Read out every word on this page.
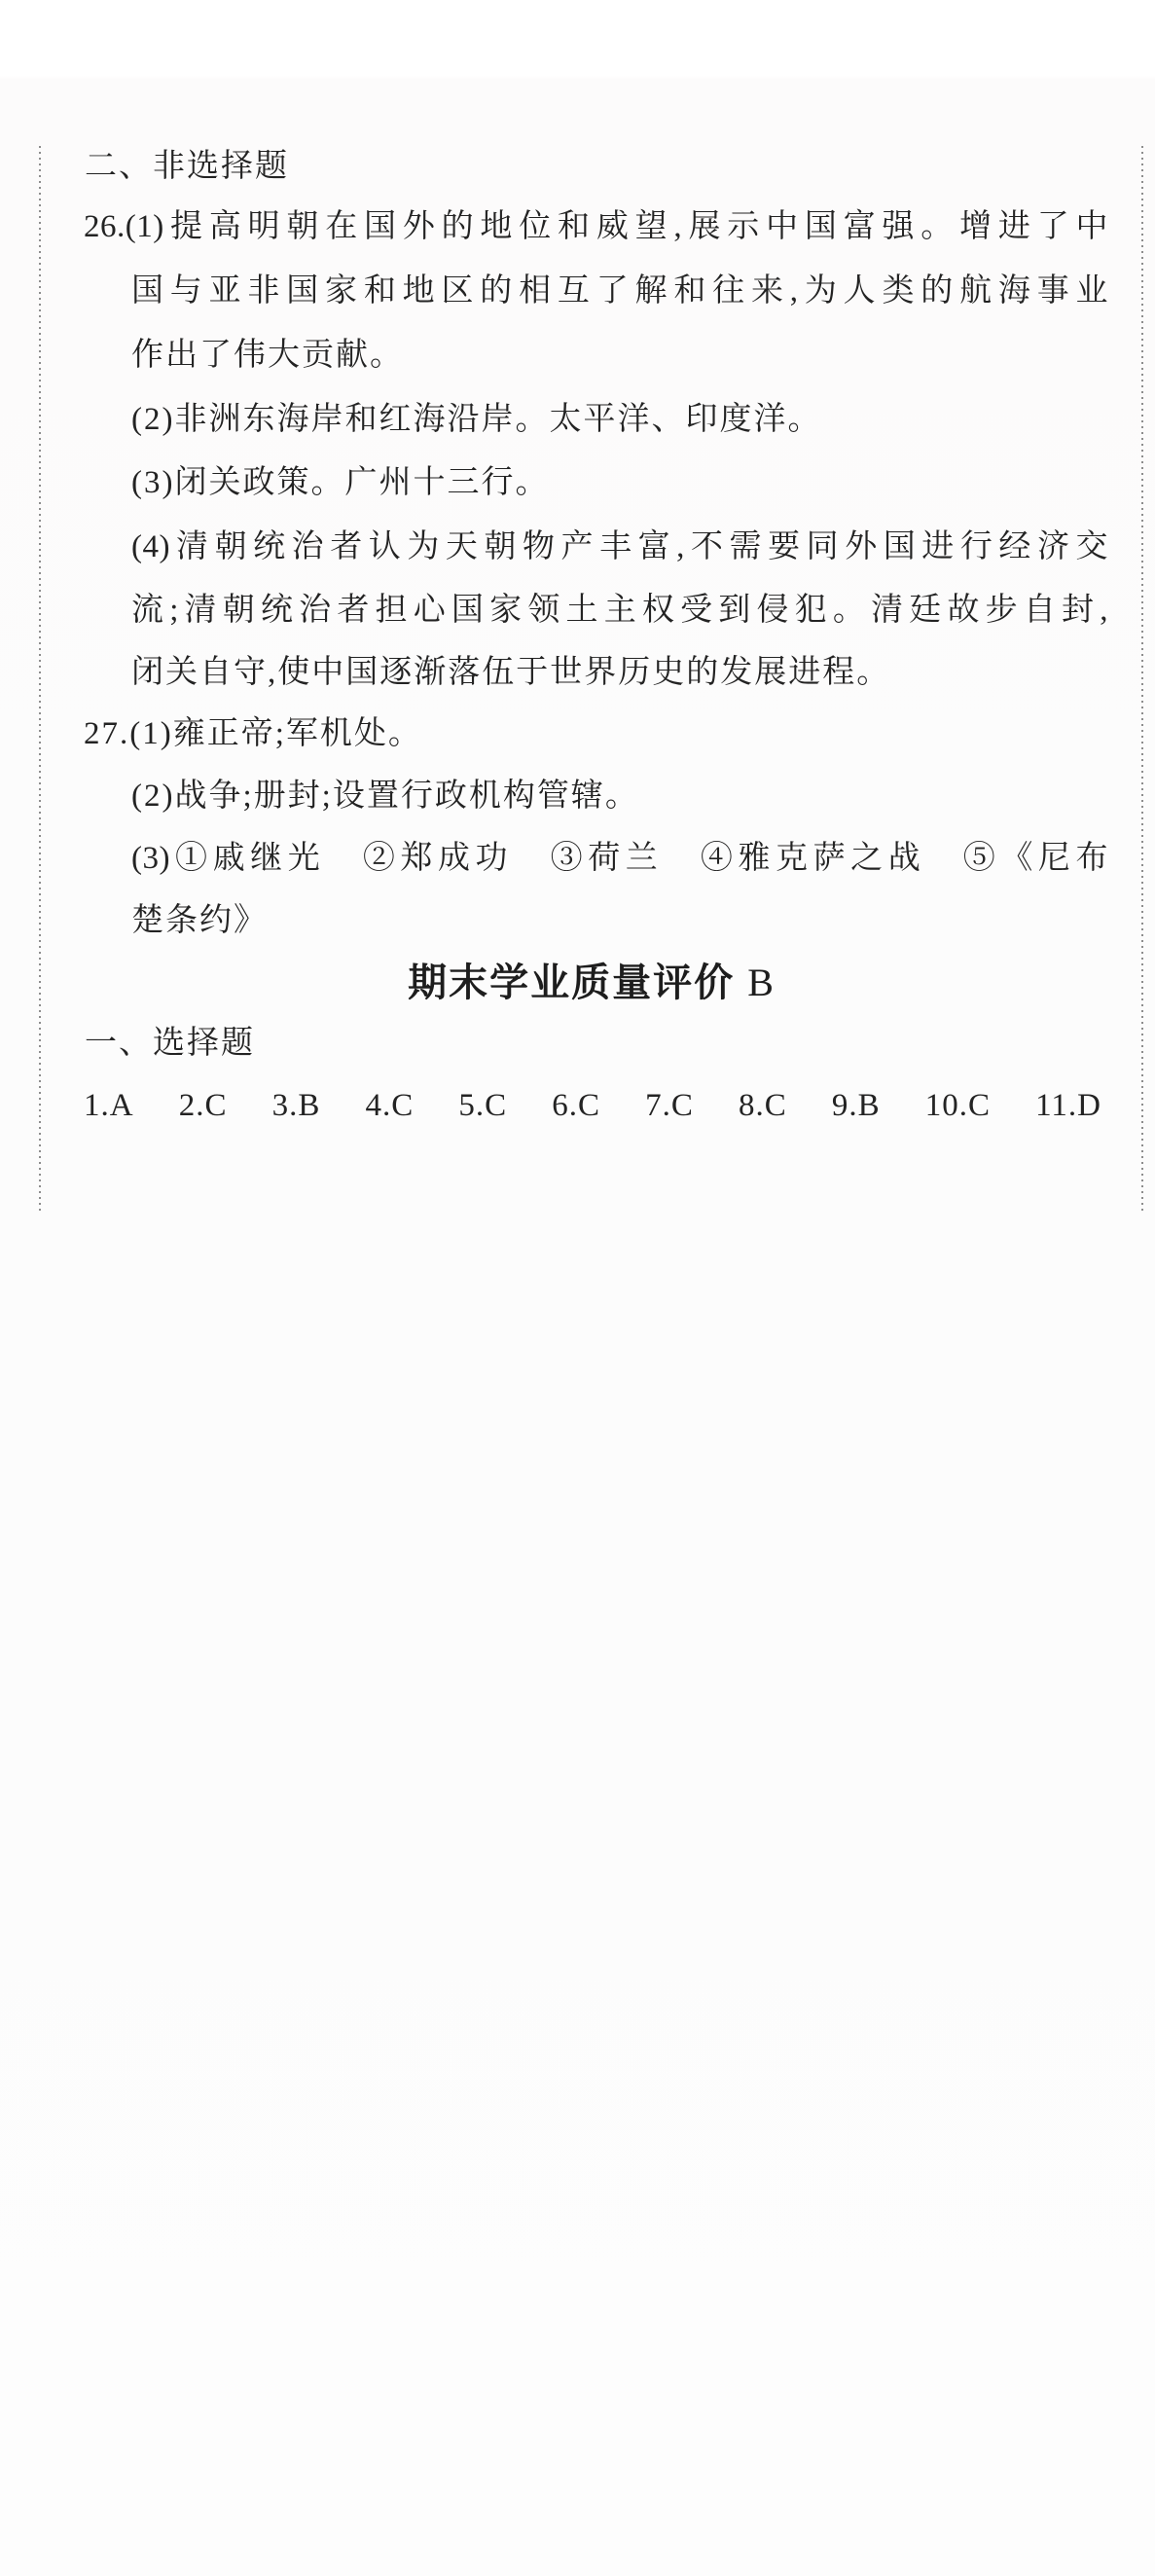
二、非选择题
26.(1)提高明朝在国外的地位和威望,展示中国富强。增进了中
国与亚非国家和地区的相互了解和往来,为人类的航海事业
作出了伟大贡献。
(2)非洲东海岸和红海沿岸。太平洋、印度洋。
(3)闭关政策。广州十三行。
(4)清朝统治者认为天朝物产丰富,不需要同外国进行经济交
流;清朝统治者担心国家领土主权受到侵犯。清廷故步自封,
闭关自守,使中国逐渐落伍于世界历史的发展进程。
27.(1)雍正帝;军机处。
(2)战争;册封;设置行政机构管辖。
(3)①戚继光　②郑成功　③荷兰　④雅克萨之战　⑤《尼布
楚条约》
期末学业质量评价 B
一、选择题
1.A 2.C 3.B 4.C 5.C 6.C 7.C 8.C 9.B 10.C 11.D
